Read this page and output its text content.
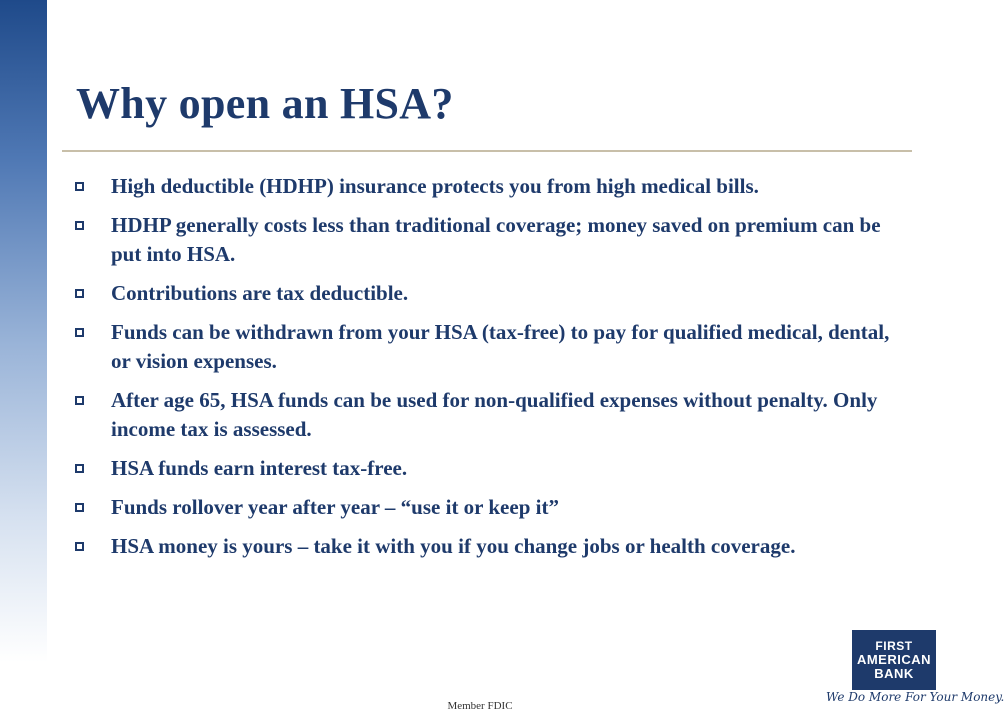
Why open an HSA?
High deductible (HDHP) insurance protects you from high medical bills.
HDHP generally costs less than traditional coverage; money saved on premium can be put into HSA.
Contributions are tax deductible.
Funds can be withdrawn from your HSA (tax-free) to pay for qualified medical, dental, or vision expenses.
After age 65, HSA funds can be used for non-qualified expenses without penalty. Only income tax is assessed.
HSA funds earn interest tax-free.
Funds rollover year after year – “use it or keep it”
HSA money is yours – take it with you if you change jobs or health coverage.
Member FDIC
FIRST
AMERICAN
BANK
We Do More For Your Money.
